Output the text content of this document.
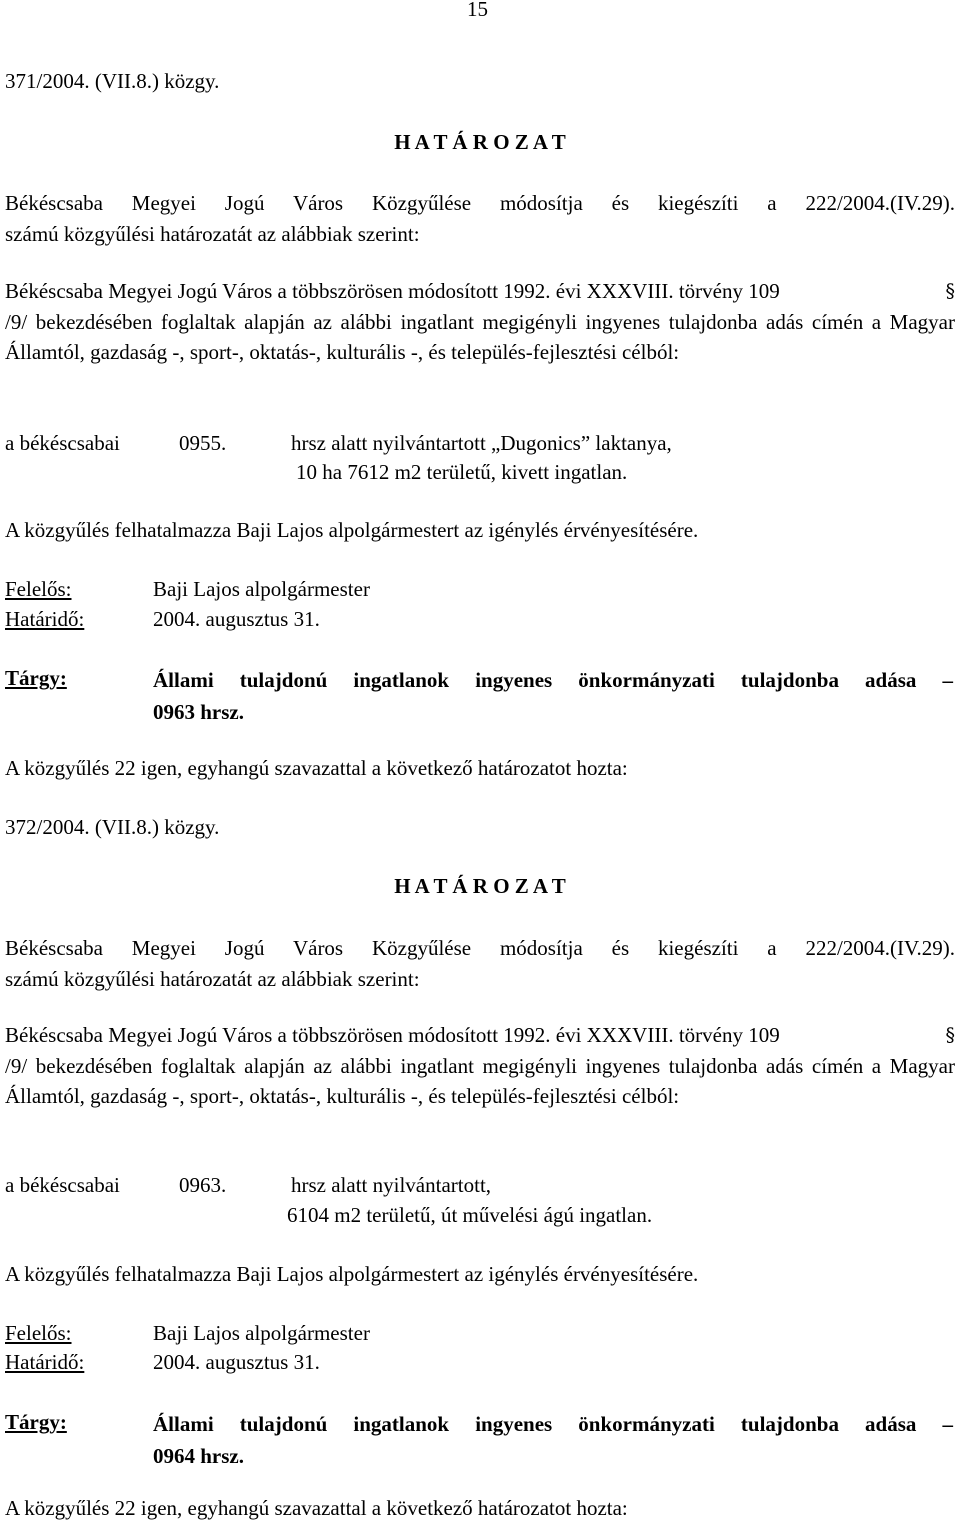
15
371/2004. (VII.8.) közgy.
H A T Á R O Z A T
Békéscsaba Megyei Jogú Város Közgyűlése módosítja és kiegészíti a 222/2004.(IV.29).
számú közgyűlési határozatát az alábbiak szerint:
Békéscsaba Megyei Jogú Város a többszörösen módosított 1992. évi XXXVIII. törvény 109	§
/9/ bekezdésében foglaltak alapján az alábbi ingatlant megigényli ingyenes tulajdonba adás címén a Magyar Államtól, gazdaság -, sport-, oktatás-, kulturális -, és település-fejlesztési célból:
a békéscsabai	0955.	hrsz alatt nyilvántartott „Dugonics” laktanya,
10 ha 7612 m2 területű, kivett ingatlan.
A közgyűlés felhatalmazza Baji Lajos alpolgármestert az igénylés érvényesítésére.
Felelős:	Baji Lajos alpolgármester
Határidő:	2004. augusztus 31.
Tárgy:	Állami tulajdonú ingatlanok ingyenes önkormányzati tulajdonba adása –
0963 hrsz.
A közgyűlés 22 igen, egyhangú szavazattal a következő határozatot hozta:
372/2004. (VII.8.) közgy.
H A T Á R O Z A T
Békéscsaba Megyei Jogú Város Közgyűlése módosítja és kiegészíti a 222/2004.(IV.29).
számú közgyűlési határozatát az alábbiak szerint:
Békéscsaba Megyei Jogú Város a többszörösen módosított 1992. évi XXXVIII. törvény 109	§
/9/ bekezdésében foglaltak alapján az alábbi ingatlant megigényli ingyenes tulajdonba adás címén a Magyar Államtól, gazdaság -, sport-, oktatás-, kulturális -, és település-fejlesztési célból:
a békéscsabai	0963.	hrsz alatt nyilvántartott,
6104 m2 területű, út művelési ágú ingatlan.
A közgyűlés felhatalmazza Baji Lajos alpolgármestert az igénylés érvényesítésére.
Felelős:	Baji Lajos alpolgármester
Határidő:	2004. augusztus 31.
Tárgy:	Állami tulajdonú ingatlanok ingyenes önkormányzati tulajdonba adása –
0964 hrsz.
A közgyűlés 22 igen, egyhangú szavazattal a következő határozatot hozta:
